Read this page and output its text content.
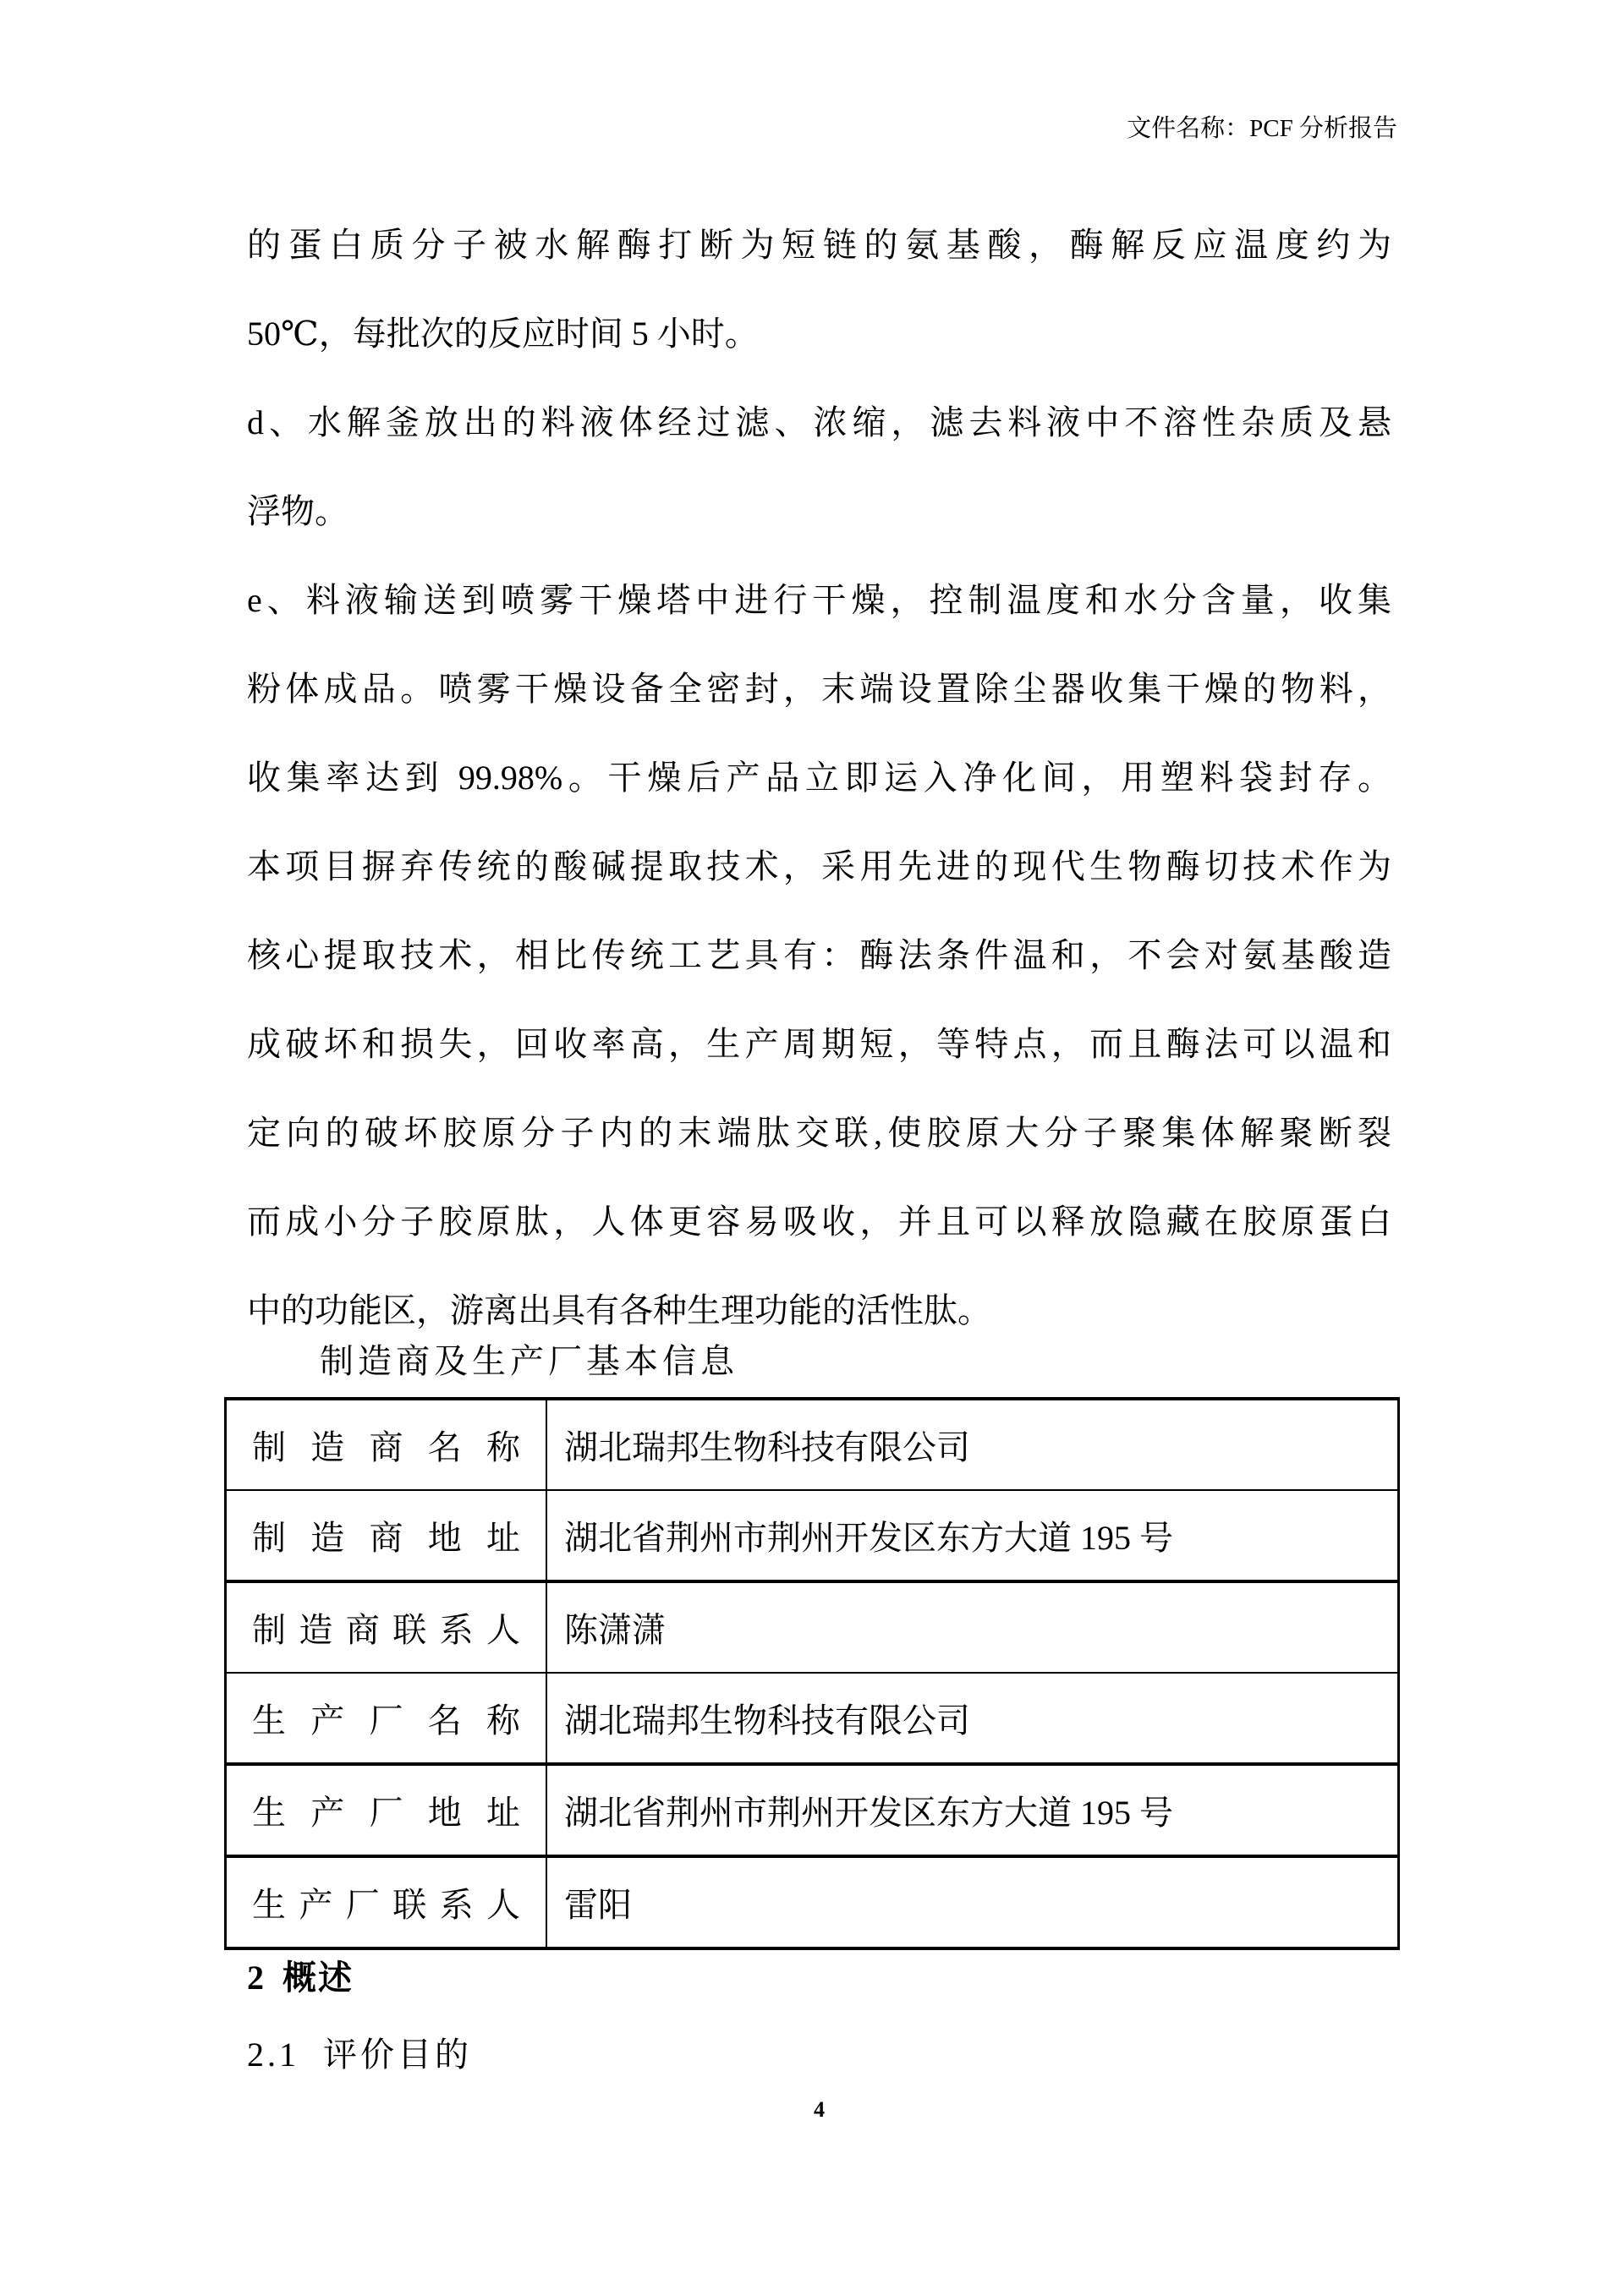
文件名称：PCF 分析报告
的蛋白质分子被水解酶打断为短链的氨基酸，酶解反应温度约为
50℃，每批次的反应时间 5 小时。
d、水解釜放出的料液体经过滤、浓缩，滤去料液中不溶性杂质及悬
浮物。
e、料液输送到喷雾干燥塔中进行干燥，控制温度和水分含量，收集
粉体成品。喷雾干燥设备全密封，末端设置除尘器收集干燥的物料，
收集率达到 99.98%。干燥后产品立即运入净化间，用塑料袋封存。
本项目摒弃传统的酸碱提取技术，采用先进的现代生物酶切技术作为
核心提取技术，相比传统工艺具有：酶法条件温和，不会对氨基酸造
成破坏和损失，回收率高，生产周期短，等特点，而且酶法可以温和
定向的破坏胶原分子内的末端肽交联,使胶原大分子聚集体解聚断裂
而成小分子胶原肽，人体更容易吸收，并且可以释放隐藏在胶原蛋白
中的功能区，游离出具有各种生理功能的活性肽。
制造商及生产厂基本信息
制造商名称	湖北瑞邦生物科技有限公司
制造商地址	湖北省荆州市荆州开发区东方大道 195 号
制造商联系人	陈潇潇
生产厂名称	湖北瑞邦生物科技有限公司
生产厂地址	湖北省荆州市荆州开发区东方大道 195 号
生产厂联系人	雷阳
2 概述
2.1 评价目的
4
